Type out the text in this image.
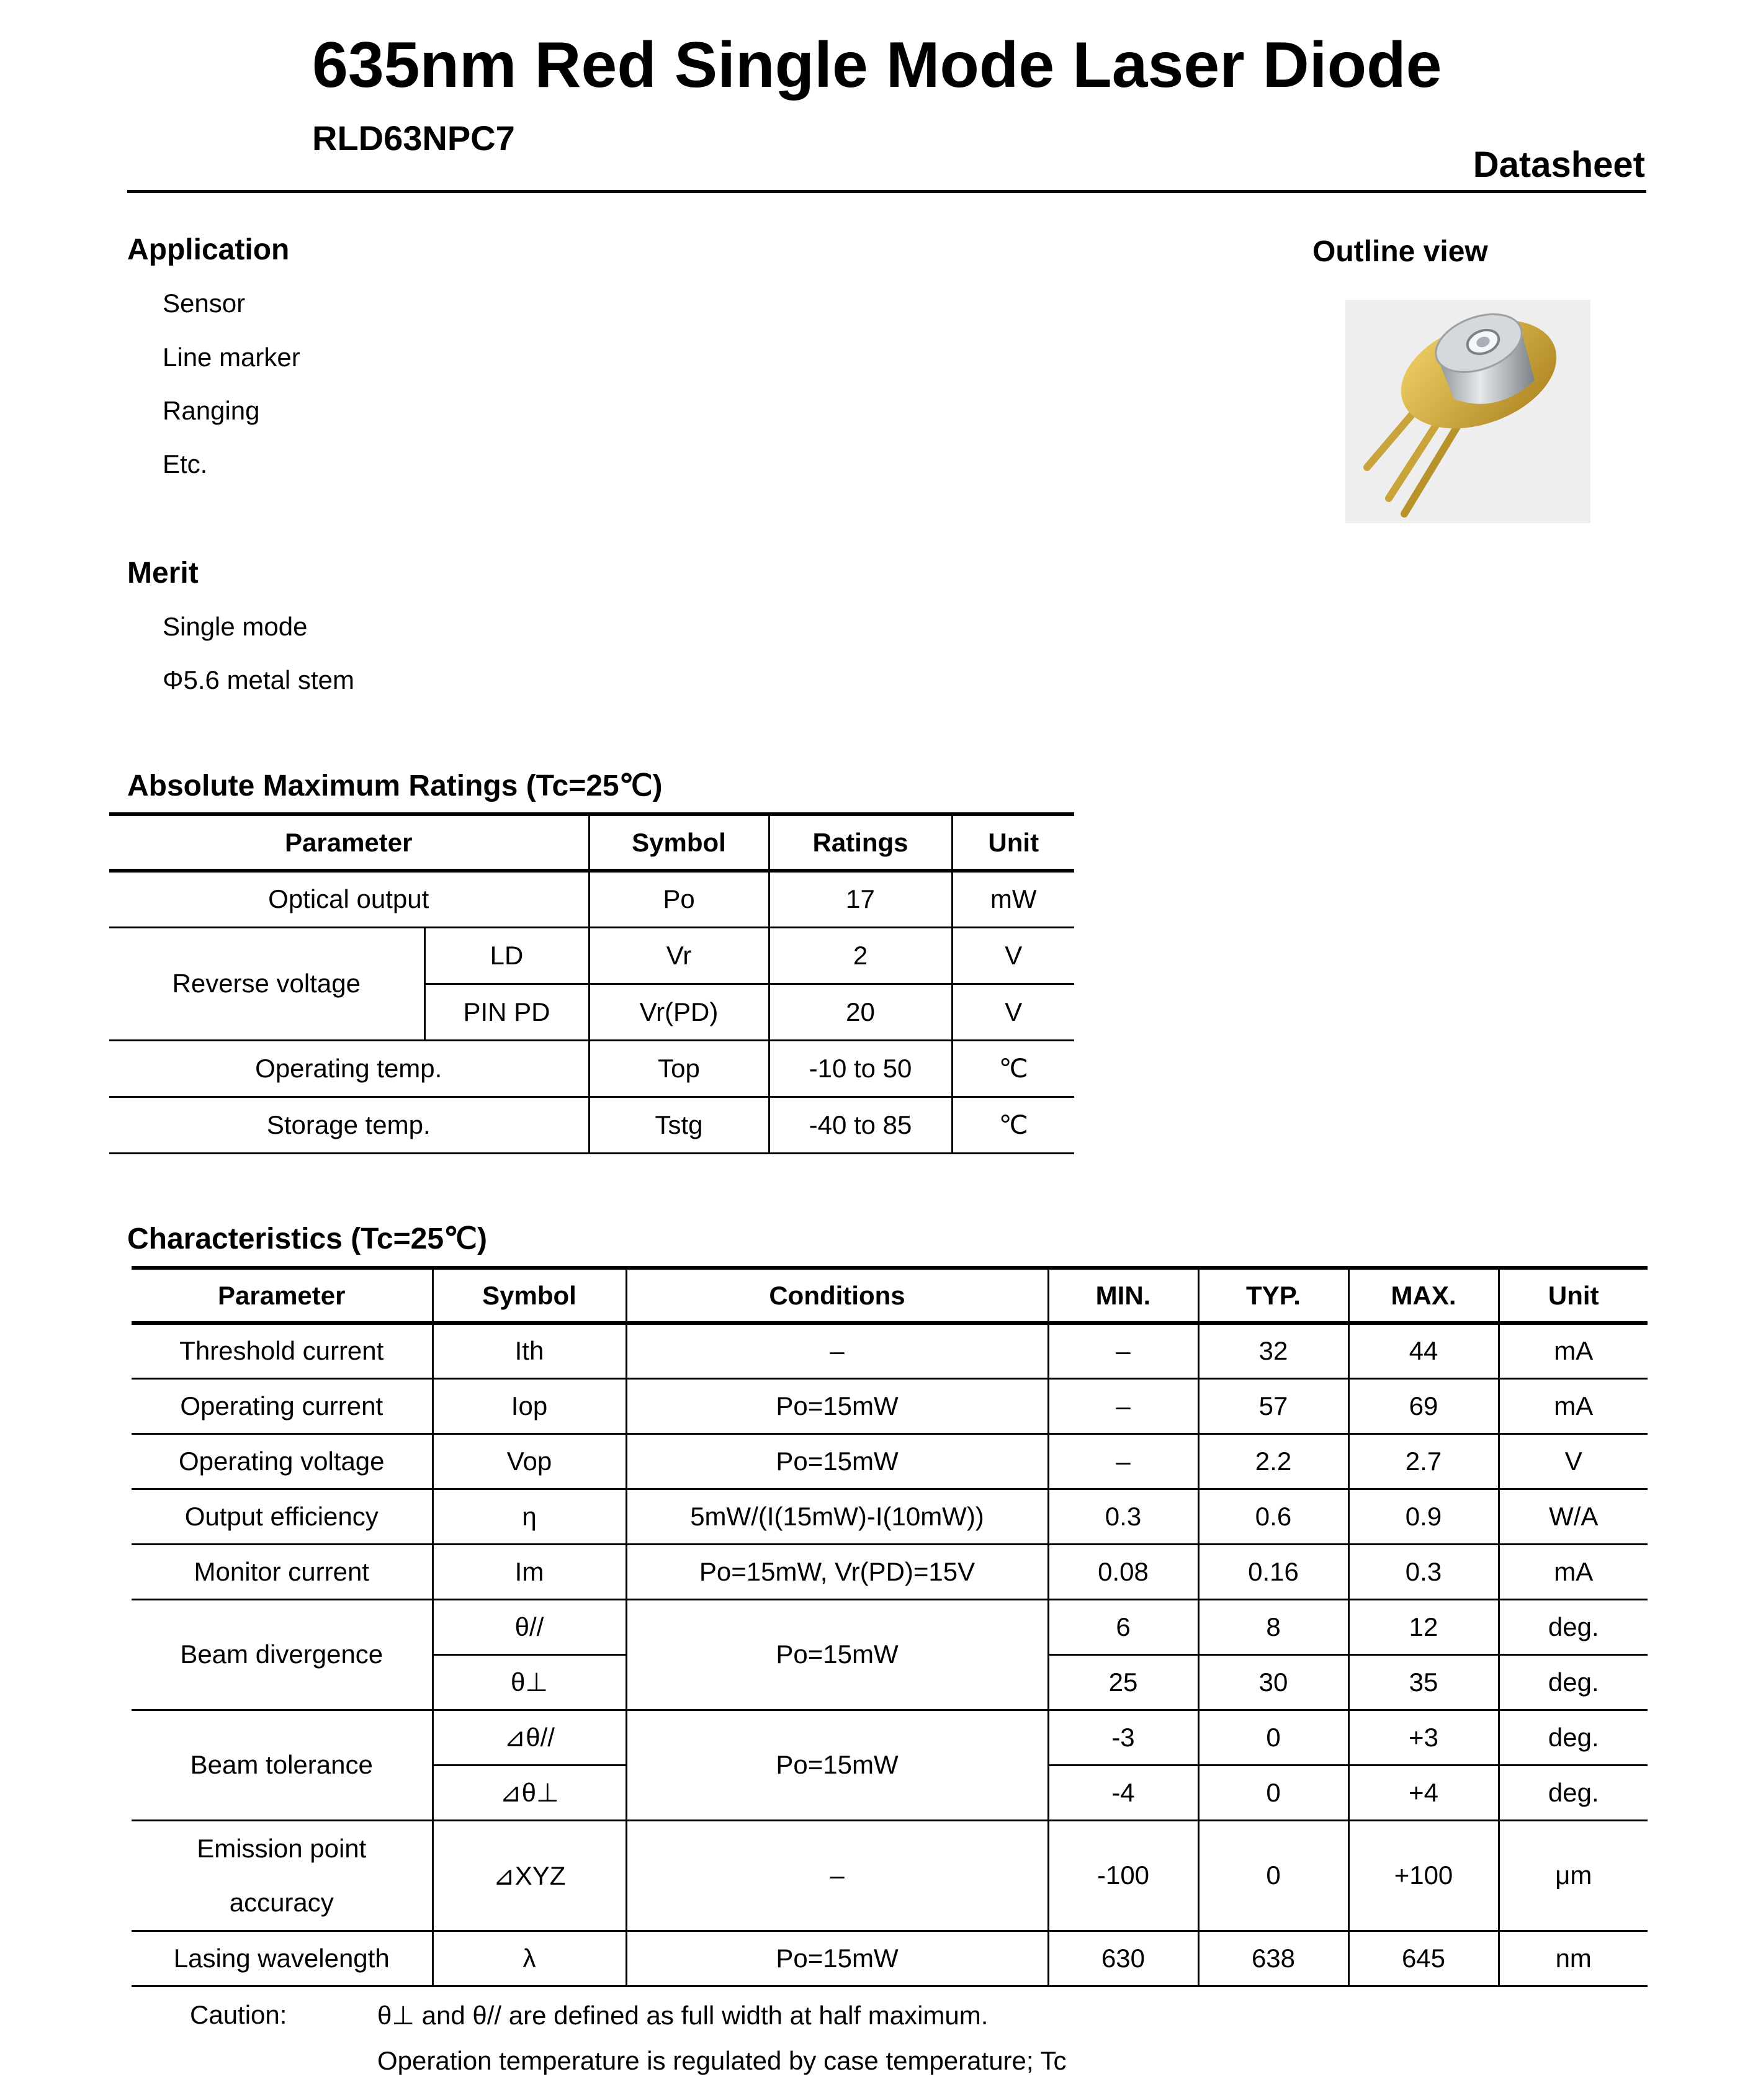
635nm Red Single Mode Laser Diode
RLD63NPC7
Datasheet
Application
Sensor
Line marker
Ranging
Etc.
Merit
Single mode
Φ5.6 metal stem
Outline view
Absolute Maximum Ratings (Tc=25℃)
Parameter		Symbol	Ratings	Unit
Optical output		Po	17	mW
Reverse voltage	LD	Vr	2	V
	PIN PD	Vr(PD)	20	V
Operating temp.		Top	-10 to 50	℃
Storage temp.		Tstg	-40 to 85	℃
Characteristics (Tc=25℃)
Parameter	Symbol	Conditions	MIN.	TYP.	MAX.	Unit
Threshold current	Ith	–	–	32	44	mA
Operating current	Iop	Po=15mW	–	57	69	mA
Operating voltage	Vop	Po=15mW	–	2.2	2.7	V
Output efficiency	η	5mW/(I(15mW)-I(10mW))	0.3	0.6	0.9	W/A
Monitor current	Im	Po=15mW, Vr(PD)=15V	0.08	0.16	0.3	mA
Beam divergence	θ//	Po=15mW	6	8	12	deg.
	θ⊥		25	30	35	deg.
Beam tolerance	⊿θ//	Po=15mW	-3	0	+3	deg.
	⊿θ⊥		-4	0	+4	deg.

Emission point
accuracy	⊿XYZ	–	-100	0	+100	μm
Lasing wavelength	λ	Po=15mW	630	638	645	nm
Caution:	θ⊥ and θ// are defined as full width at half maximum.
Operation temperature is regulated by case temperature; Tc
